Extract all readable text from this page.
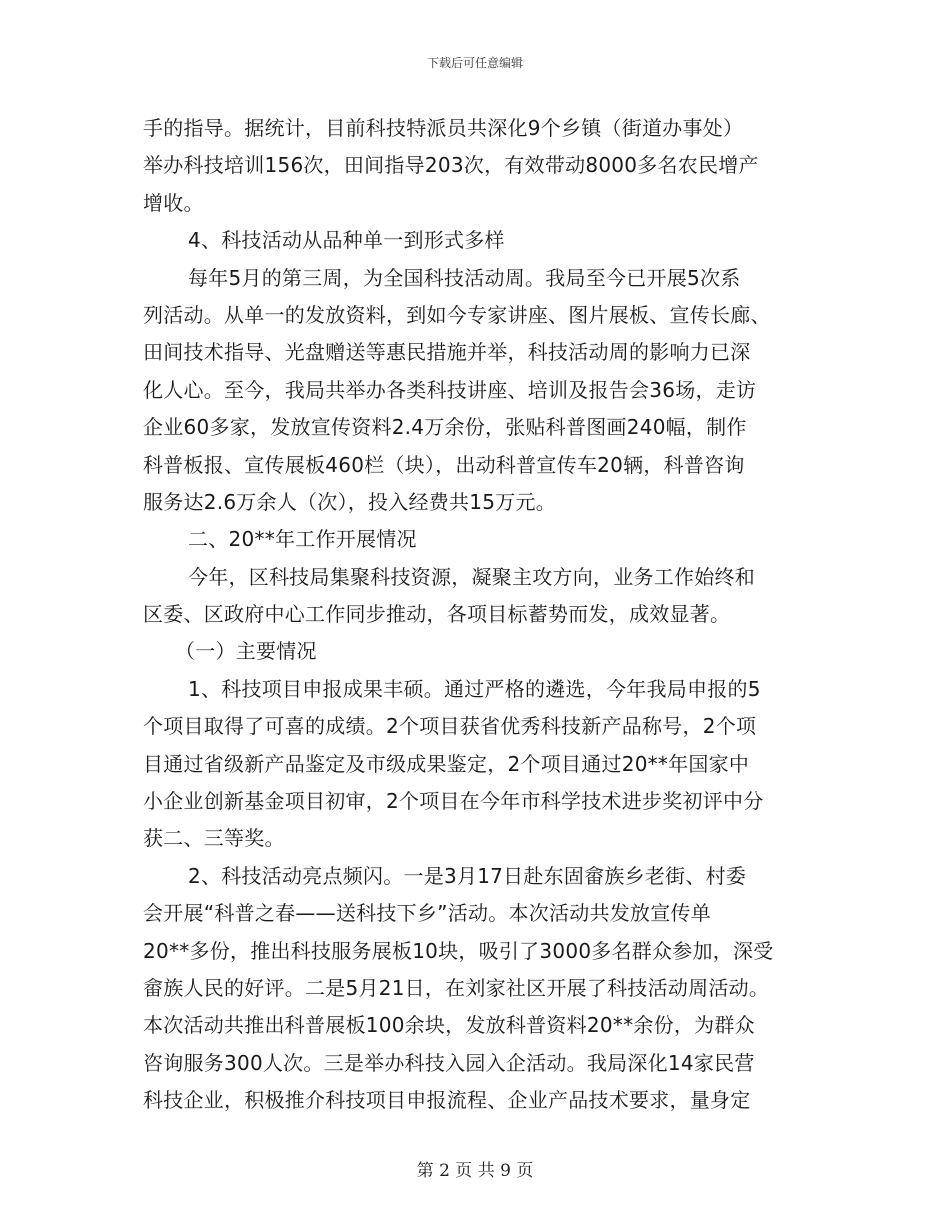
下载后可任意编辑
手的指导。据统计，目前科技特派员共深化9个乡镇（街道办事处）
举办科技培训156次，田间指导203次，有效带动8000多名农民增产
增收。
4、科技活动从品种单一到形式多样
每年5月的第三周，为全国科技活动周。我局至今已开展5次系
列活动。从单一的发放资料，到如今专家讲座、图片展板、宣传长廊、
田间技术指导、光盘赠送等惠民措施并举，科技活动周的影响力已深
化人心。至今，我局共举办各类科技讲座、培训及报告会36场，走访
企业60多家，发放宣传资料2.4万余份，张贴科普图画240幅，制作
科普板报、宣传展板460栏（块），出动科普宣传车20辆，科普咨询
服务达2.6万余人（次），投入经费共15万元。
二、20**年工作开展情况
今年，区科技局集聚科技资源，凝聚主攻方向，业务工作始终和
区委、区政府中心工作同步推动，各项目标蓄势而发，成效显著。
（一）主要情况
1、科技项目申报成果丰硕。通过严格的遴选，今年我局申报的5
个项目取得了可喜的成绩。2个项目获省优秀科技新产品称号，2个项
目通过省级新产品鉴定及市级成果鉴定，2个项目通过20**年国家中
小企业创新基金项目初审，2个项目在今年市科学技术进步奖初评中分
获二、三等奖。
2、科技活动亮点频闪。一是3月17日赴东固畲族乡老街、村委
会开展“科普之春——送科技下乡”活动。本次活动共发放宣传单
20**多份，推出科技服务展板10块，吸引了3000多名群众参加，深受
畲族人民的好评。二是5月21日，在刘家社区开展了科技活动周活动。
本次活动共推出科普展板100余块，发放科普资料20**余份，为群众
咨询服务300人次。三是举办科技入园入企活动。我局深化14家民营
科技企业，积极推介科技项目申报流程、企业产品技术要求，量身定
第 2 页 共 9 页
